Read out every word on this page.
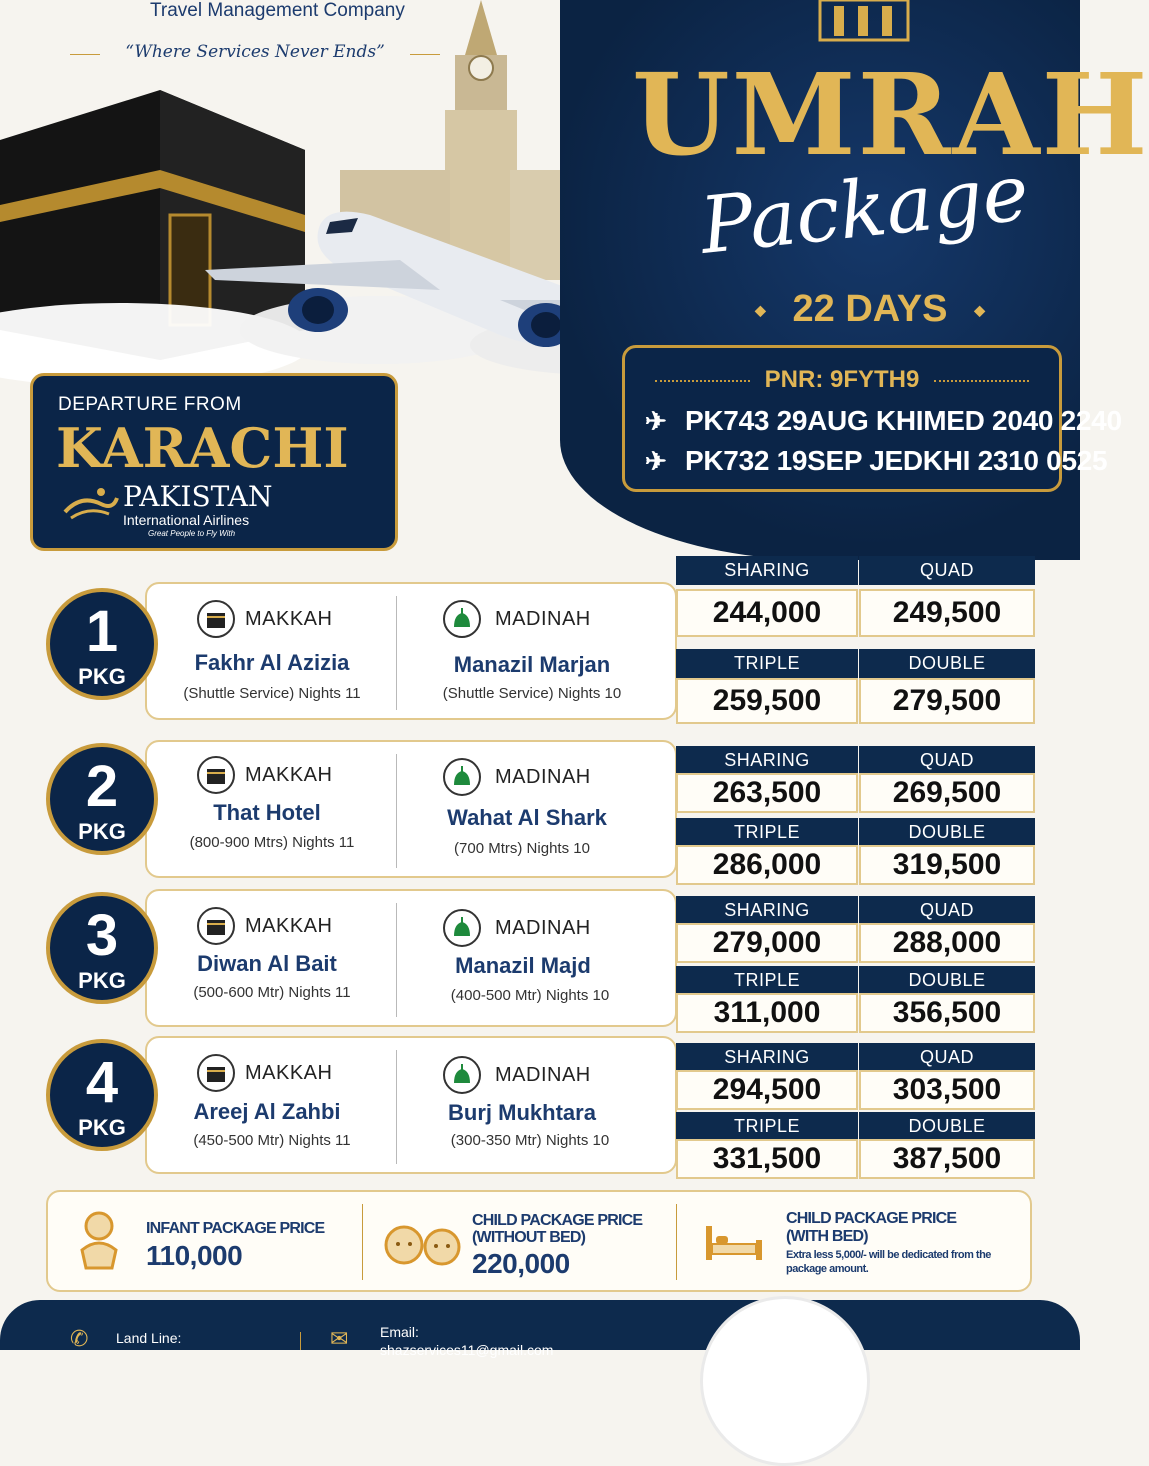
Travel Management Company
“Where Services Never Ends”	UMRAH
Package
◆ 22 DAYS ◆
PNR: 9FYTH9
✈ PK743 29AUG KHIMED 2040 2240
✈ PK732 19SEP JEDKHI 2310 0525
DEPARTURE FROM
KARACHI
PAKISTAN
International Airlines
Great People to Fly With
MAKKAH
Fakhr Al Azizia
(Shuttle Service) Nights 11
MADINAH
Manazil Marjan
(Shuttle Service) Nights 10
1
PKG
SHARING	QUAD
244,000	249,500
TRIPLE	DOUBLE
259,500	279,500
MAKKAH
That Hotel
(800-900 Mtrs) Nights 11
MADINAH
Wahat Al Shark
(700 Mtrs) Nights 10
2
PKG
SHARING	QUAD
263,500	269,500
TRIPLE	DOUBLE
286,000	319,500
MAKKAH
Diwan Al Bait
(500-600 Mtr) Nights 11
MADINAH
Manazil Majd
(400-500 Mtr) Nights 10
3
PKG
SHARING	QUAD
279,000	288,000
TRIPLE	DOUBLE
311,000	356,500
MAKKAH
Areej Al Zahbi
(450-500 Mtr) Nights 11
MADINAH
Burj Mukhtara
(300-350 Mtr) Nights 10
4
PKG
SHARING	QUAD
294,500	303,500
TRIPLE	DOUBLE
331,500	387,500
INFANT PACKAGE PRICE
110,000
CHILD PACKAGE PRICE
(WITHOUT BED)
220,000
CHILD PACKAGE PRICE
(WITH BED)
Extra less 5,000/- will be dedicated from the package amount.
✆ Land Line:	✉ Email:
shazservices11@gmail.com
